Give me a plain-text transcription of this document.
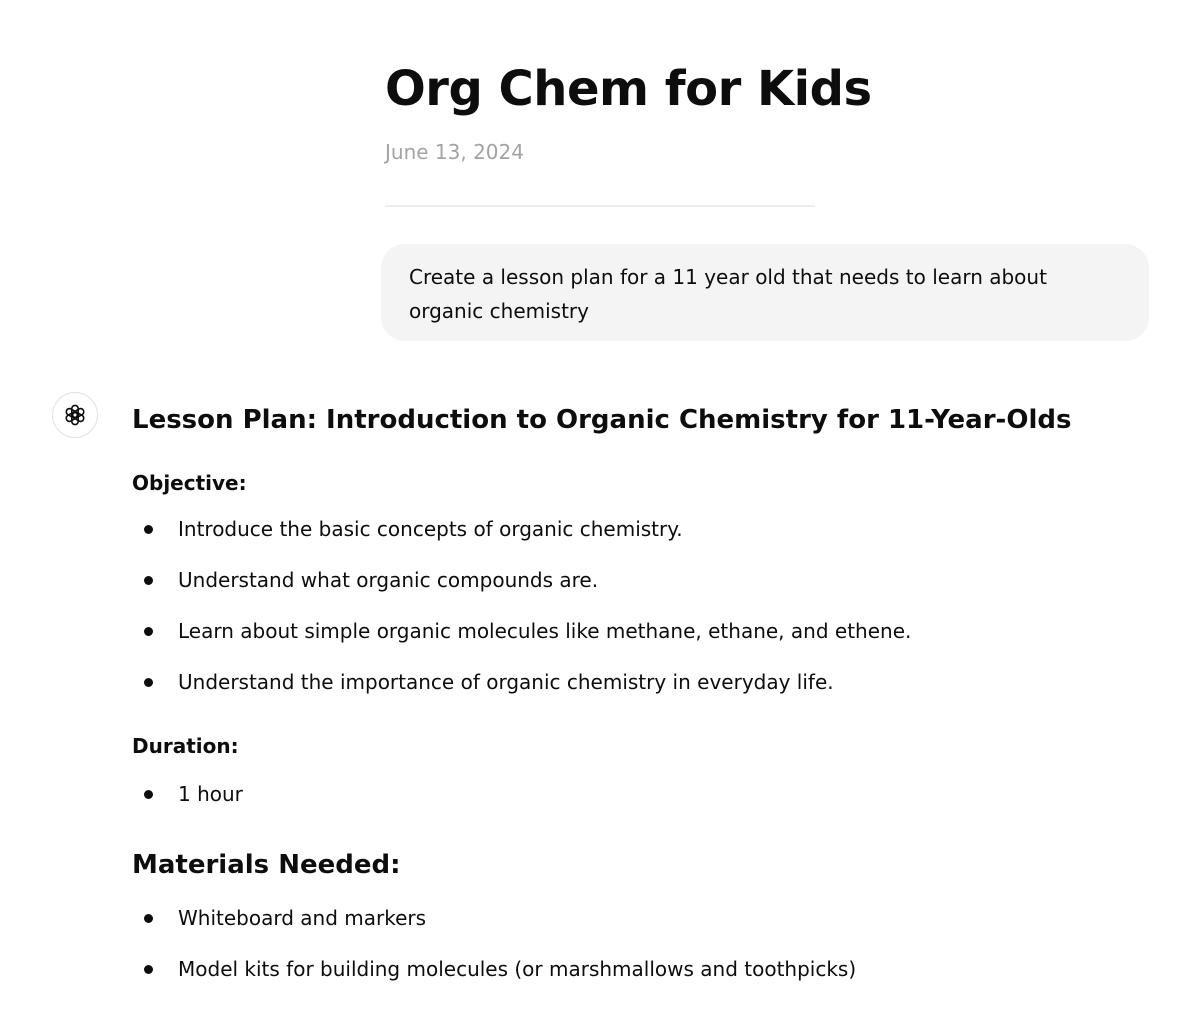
Org Chem for Kids
June 13, 2024
Create a lesson plan for a 11 year old that needs to learn about
organic chemistry
Lesson Plan: Introduction to Organic Chemistry for 11-Year-Olds
Objective:
Introduce the basic concepts of organic chemistry.
Understand what organic compounds are.
Learn about simple organic molecules like methane, ethane, and ethene.
Understand the importance of organic chemistry in everyday life.
Duration:
1 hour
Materials Needed:
Whiteboard and markers
Model kits for building molecules (or marshmallows and toothpicks)
